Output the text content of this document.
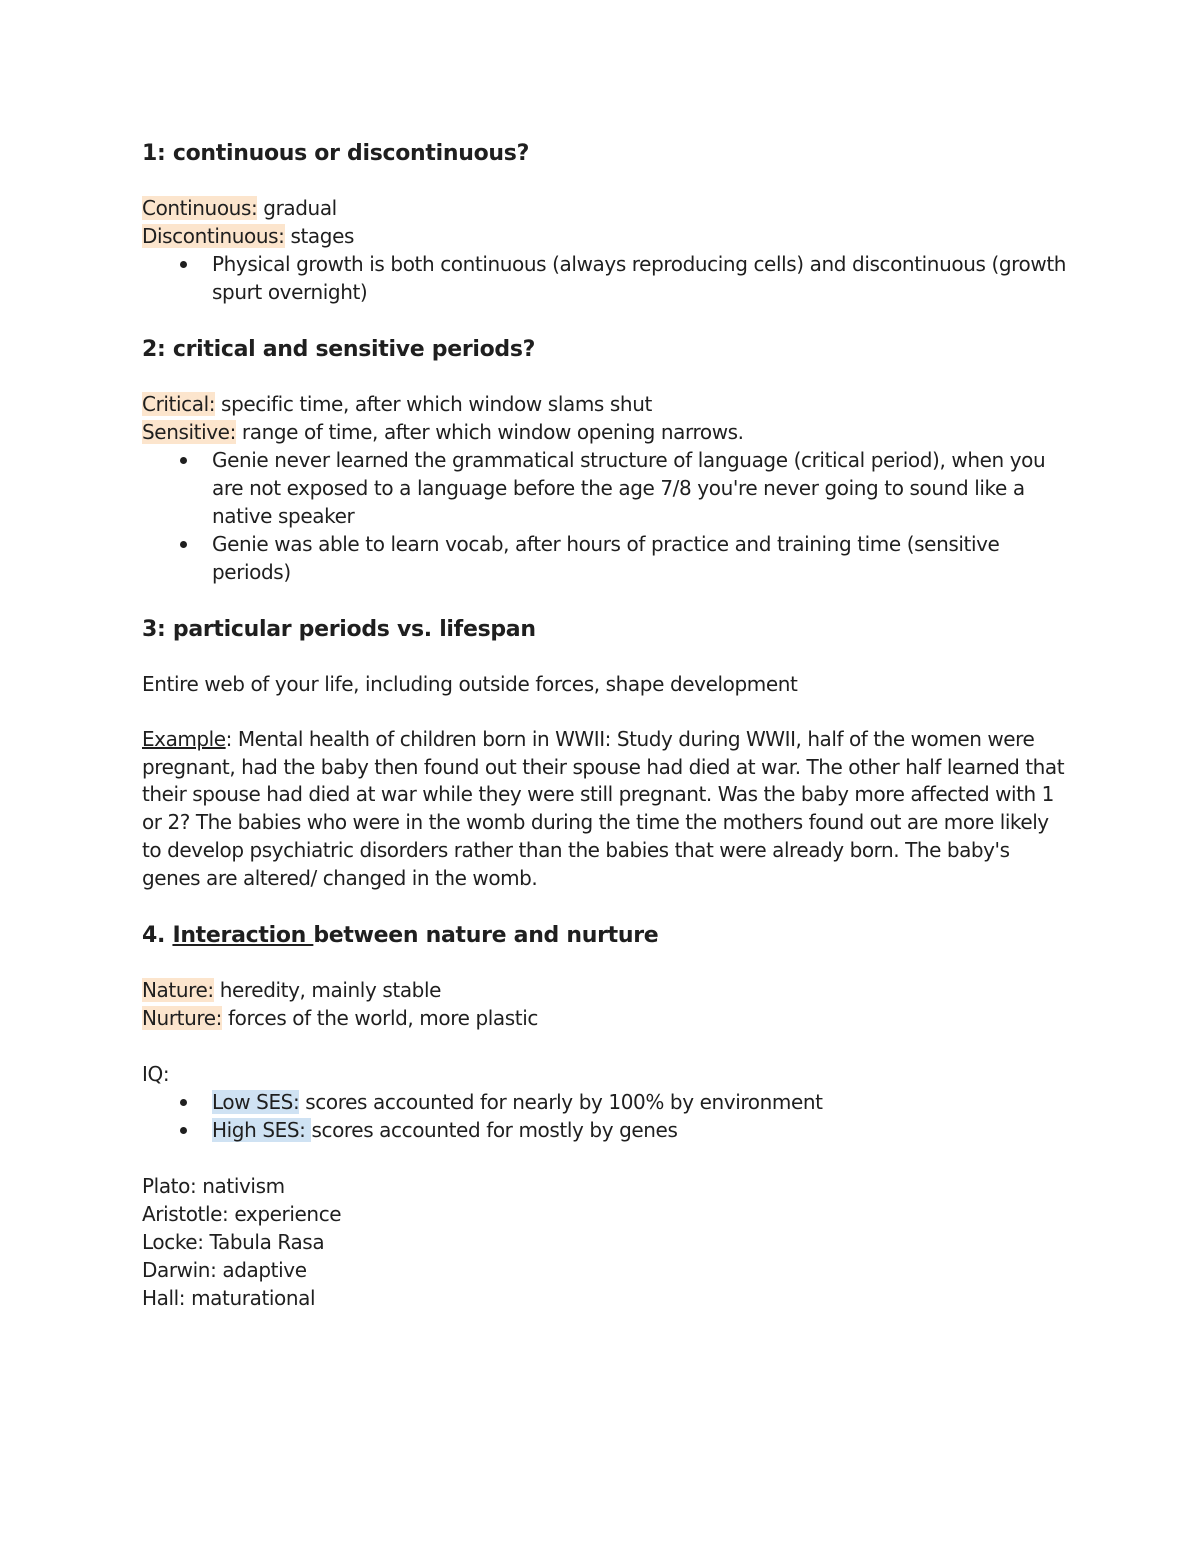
1: continuous or discontinuous?

Continuous: gradual

Discontinuous: stages

Physical growth is both continuous (always reproducing cells) and discontinuous (growth spurt overnight)

2: critical and sensitive periods?

Critical: specific time, after which window slams shut

Sensitive: range of time, after which window opening narrows.

Genie never learned the grammatical structure of language (critical period), when you are not exposed to a language before the age 7/8 you're never going to sound like a native speaker
Genie was able to learn vocab, after hours of practice and training time (sensitive periods)

3: particular periods vs. lifespan

Entire web of your life, including outside forces, shape development

Example: Mental health of children born in WWII: Study during WWII, half of the women were pregnant, had the baby then found out their spouse had died at war. The other half learned that their spouse had died at war while they were still pregnant. Was the baby more affected with 1 or 2? The babies who were in the womb during the time the mothers found out are more likely to develop psychiatric disorders rather than the babies that were already born. The baby's genes are altered/ changed in the womb.

4. Interaction between nature and nurture

Nature: heredity, mainly stable

Nurture: forces of the world, more plastic

IQ:

Low SES: scores accounted for nearly by 100% by environment
High SES: scores accounted for mostly by genes

Plato: nativism

Aristotle: experience

Locke: Tabula Rasa

Darwin: adaptive

Hall: maturational
